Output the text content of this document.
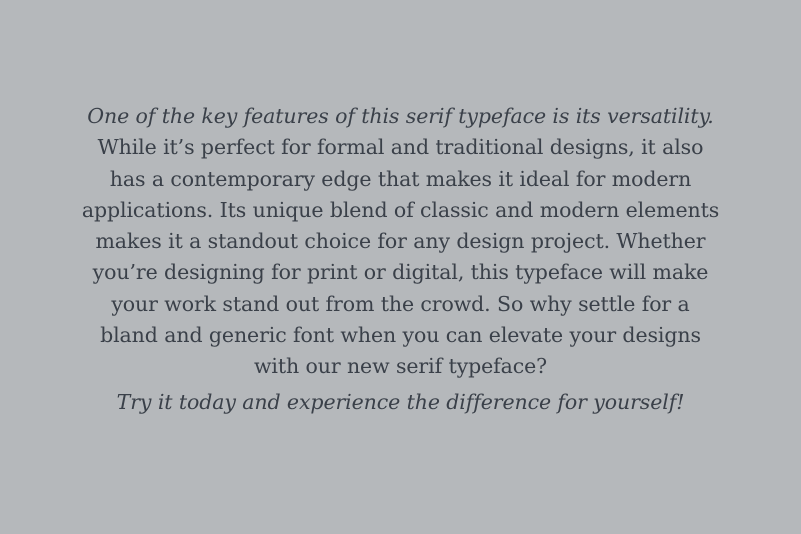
One of the key features of this serif typeface is its versatility.
While it’s perfect for formal and traditional designs, it also
has a contemporary edge that makes it ideal for modern
applications. Its unique blend of classic and modern elements
makes it a standout choice for any design project. Whether
you’re designing for print or digital, this typeface will make
your work stand out from the crowd. So why settle for a
bland and generic font when you can elevate your designs
with our new serif typeface?
Try it today and experience the difference for yourself!
